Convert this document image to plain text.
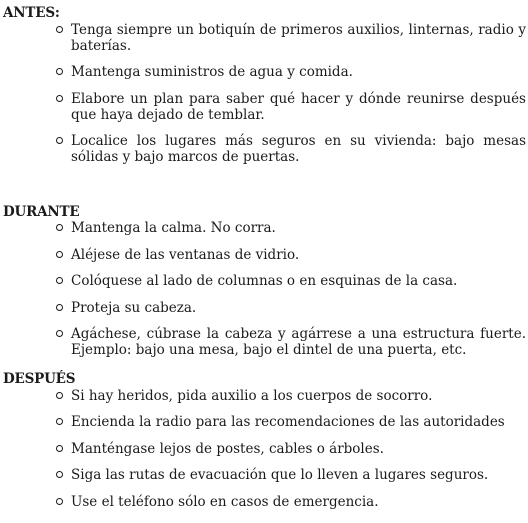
ANTES:
Tenga siempre un botiquín de primeros auxilios, linternas, radio y baterías.
Mantenga suministros de agua y comida.
Elabore un plan para saber qué hacer y dónde reunirse después que haya dejado de temblar.
Localice los lugares más seguros en su vivienda: bajo mesas sólidas y bajo marcos de puertas.
DURANTE
Mantenga la calma. No corra.
Aléjese de las ventanas de vidrio.
Colóquese al lado de columnas o en esquinas de la casa.
Proteja su cabeza.
Agáchese, cúbrase la cabeza y agárrese a una estructura fuerte. Ejemplo: bajo una mesa, bajo el dintel de una puerta, etc.
DESPUÉS
Si hay heridos, pida auxilio a los cuerpos de socorro.
Encienda la radio para las recomendaciones de las autoridades
Manténgase lejos de postes, cables o árboles.
Siga las rutas de evacuación que lo lleven a lugares seguros.
Use el teléfono sólo en casos de emergencia.
